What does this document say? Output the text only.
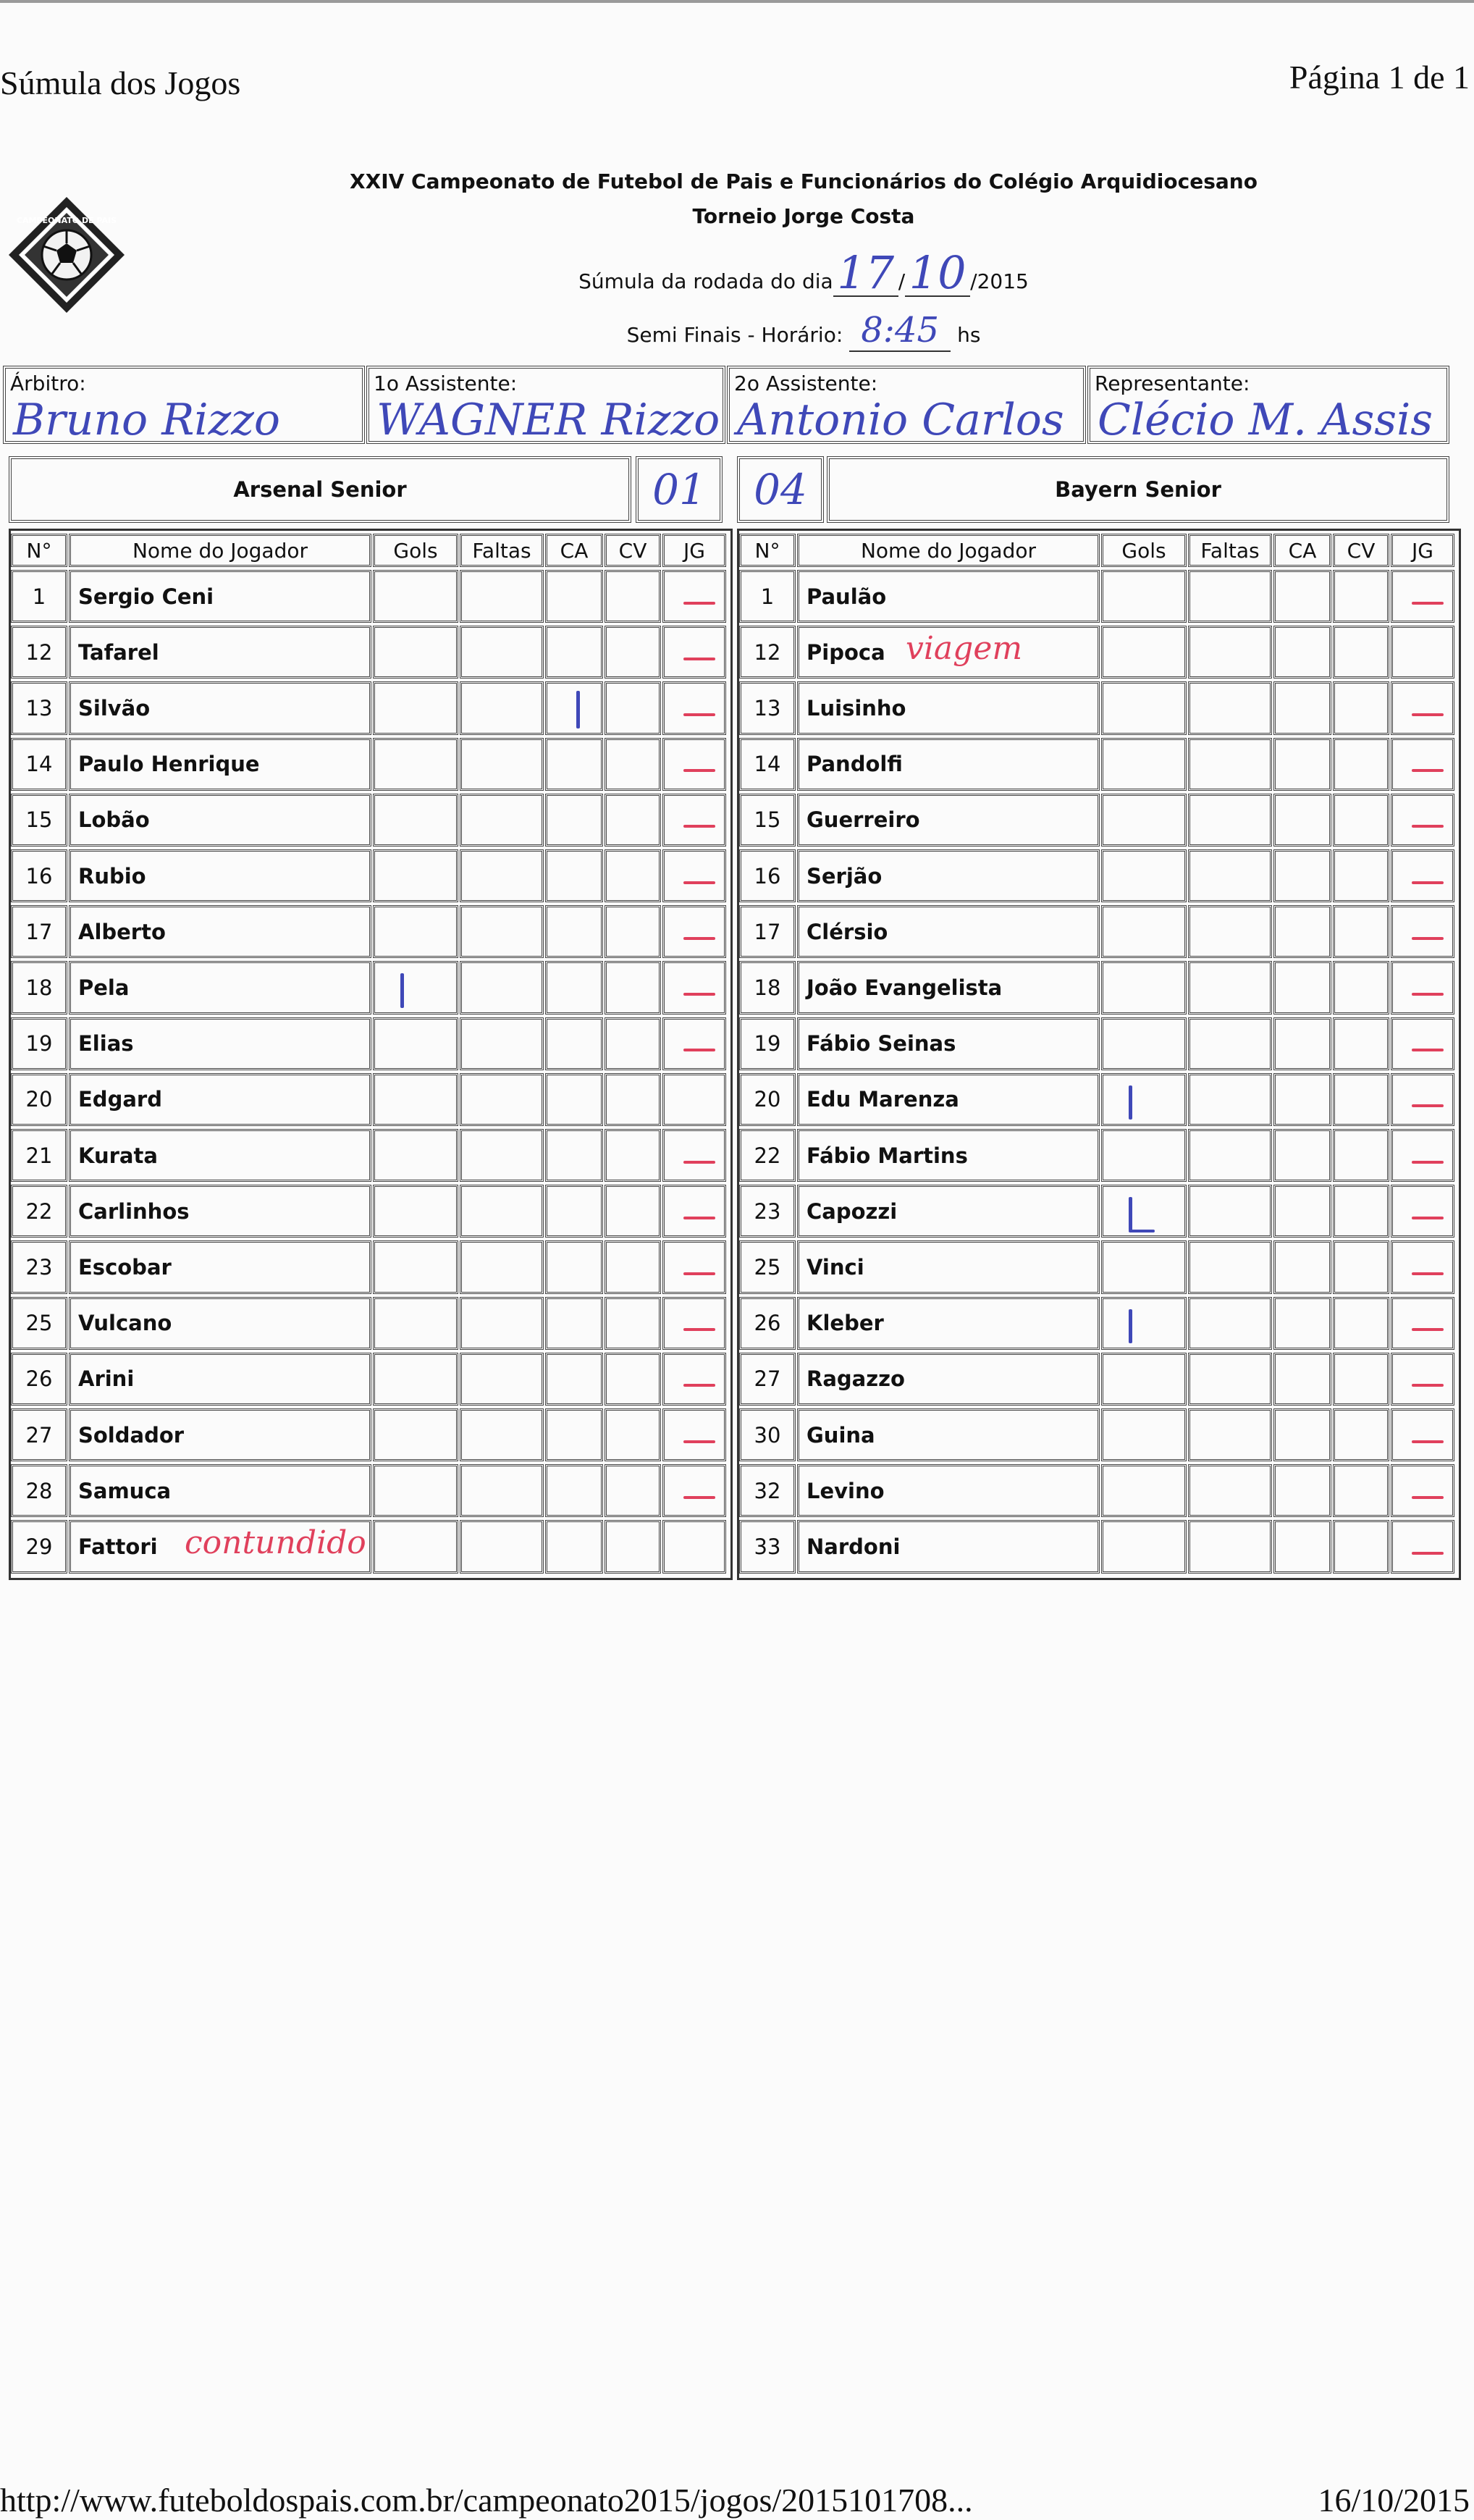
Súmula dos Jogos	Página 1 de 1
CAMPEONATO DE PAIS
XXIV Campeonato de Futebol de Pais e Funcionários do Colégio Arquidiocesano
Torneio Jorge Costa
Súmula da rodada do dia17 /10 /2015
Semi Finais - Horário: 8:45 hs
Árbitro:
Bruno Rizzo
1o Assistente:
WAGNER Rizzo
2o Assistente:
Antonio Carlos
Representante:
Clécio M. Assis
Arsenal Senior	01	04	Bayern Senior
N°	Nome do Jogador	Gols	Faltas	CA	CV	JG
1	Sergio Ceni
12	Tafarel
13	Silvão
14	Paulo Henrique
15	Lobão
16	Rubio
17	Alberto
18	Pela
19	Elias
20	Edgard
21	Kurata
22	Carlinhos
23	Escobar
25	Vulcano
26	Arini
27	Soldador
28	Samuca
29	Fattori contundido
N°	Nome do Jogador	Gols	Faltas	CA	CV	JG
1	Paulão
12	Pipoca viagem
13	Luisinho
14	Pandolfi
15	Guerreiro
16	Serjão
17	Clérsio
18	João Evangelista
19	Fábio Seinas
20	Edu Marenza
22	Fábio Martins
23	Capozzi
25	Vinci
26	Kleber
27	Ragazzo
30	Guina
32	Levino
33	Nardoni
http://www.futeboldospais.com.br/campeonato2015/jogos/2015101708...	16/10/2015
